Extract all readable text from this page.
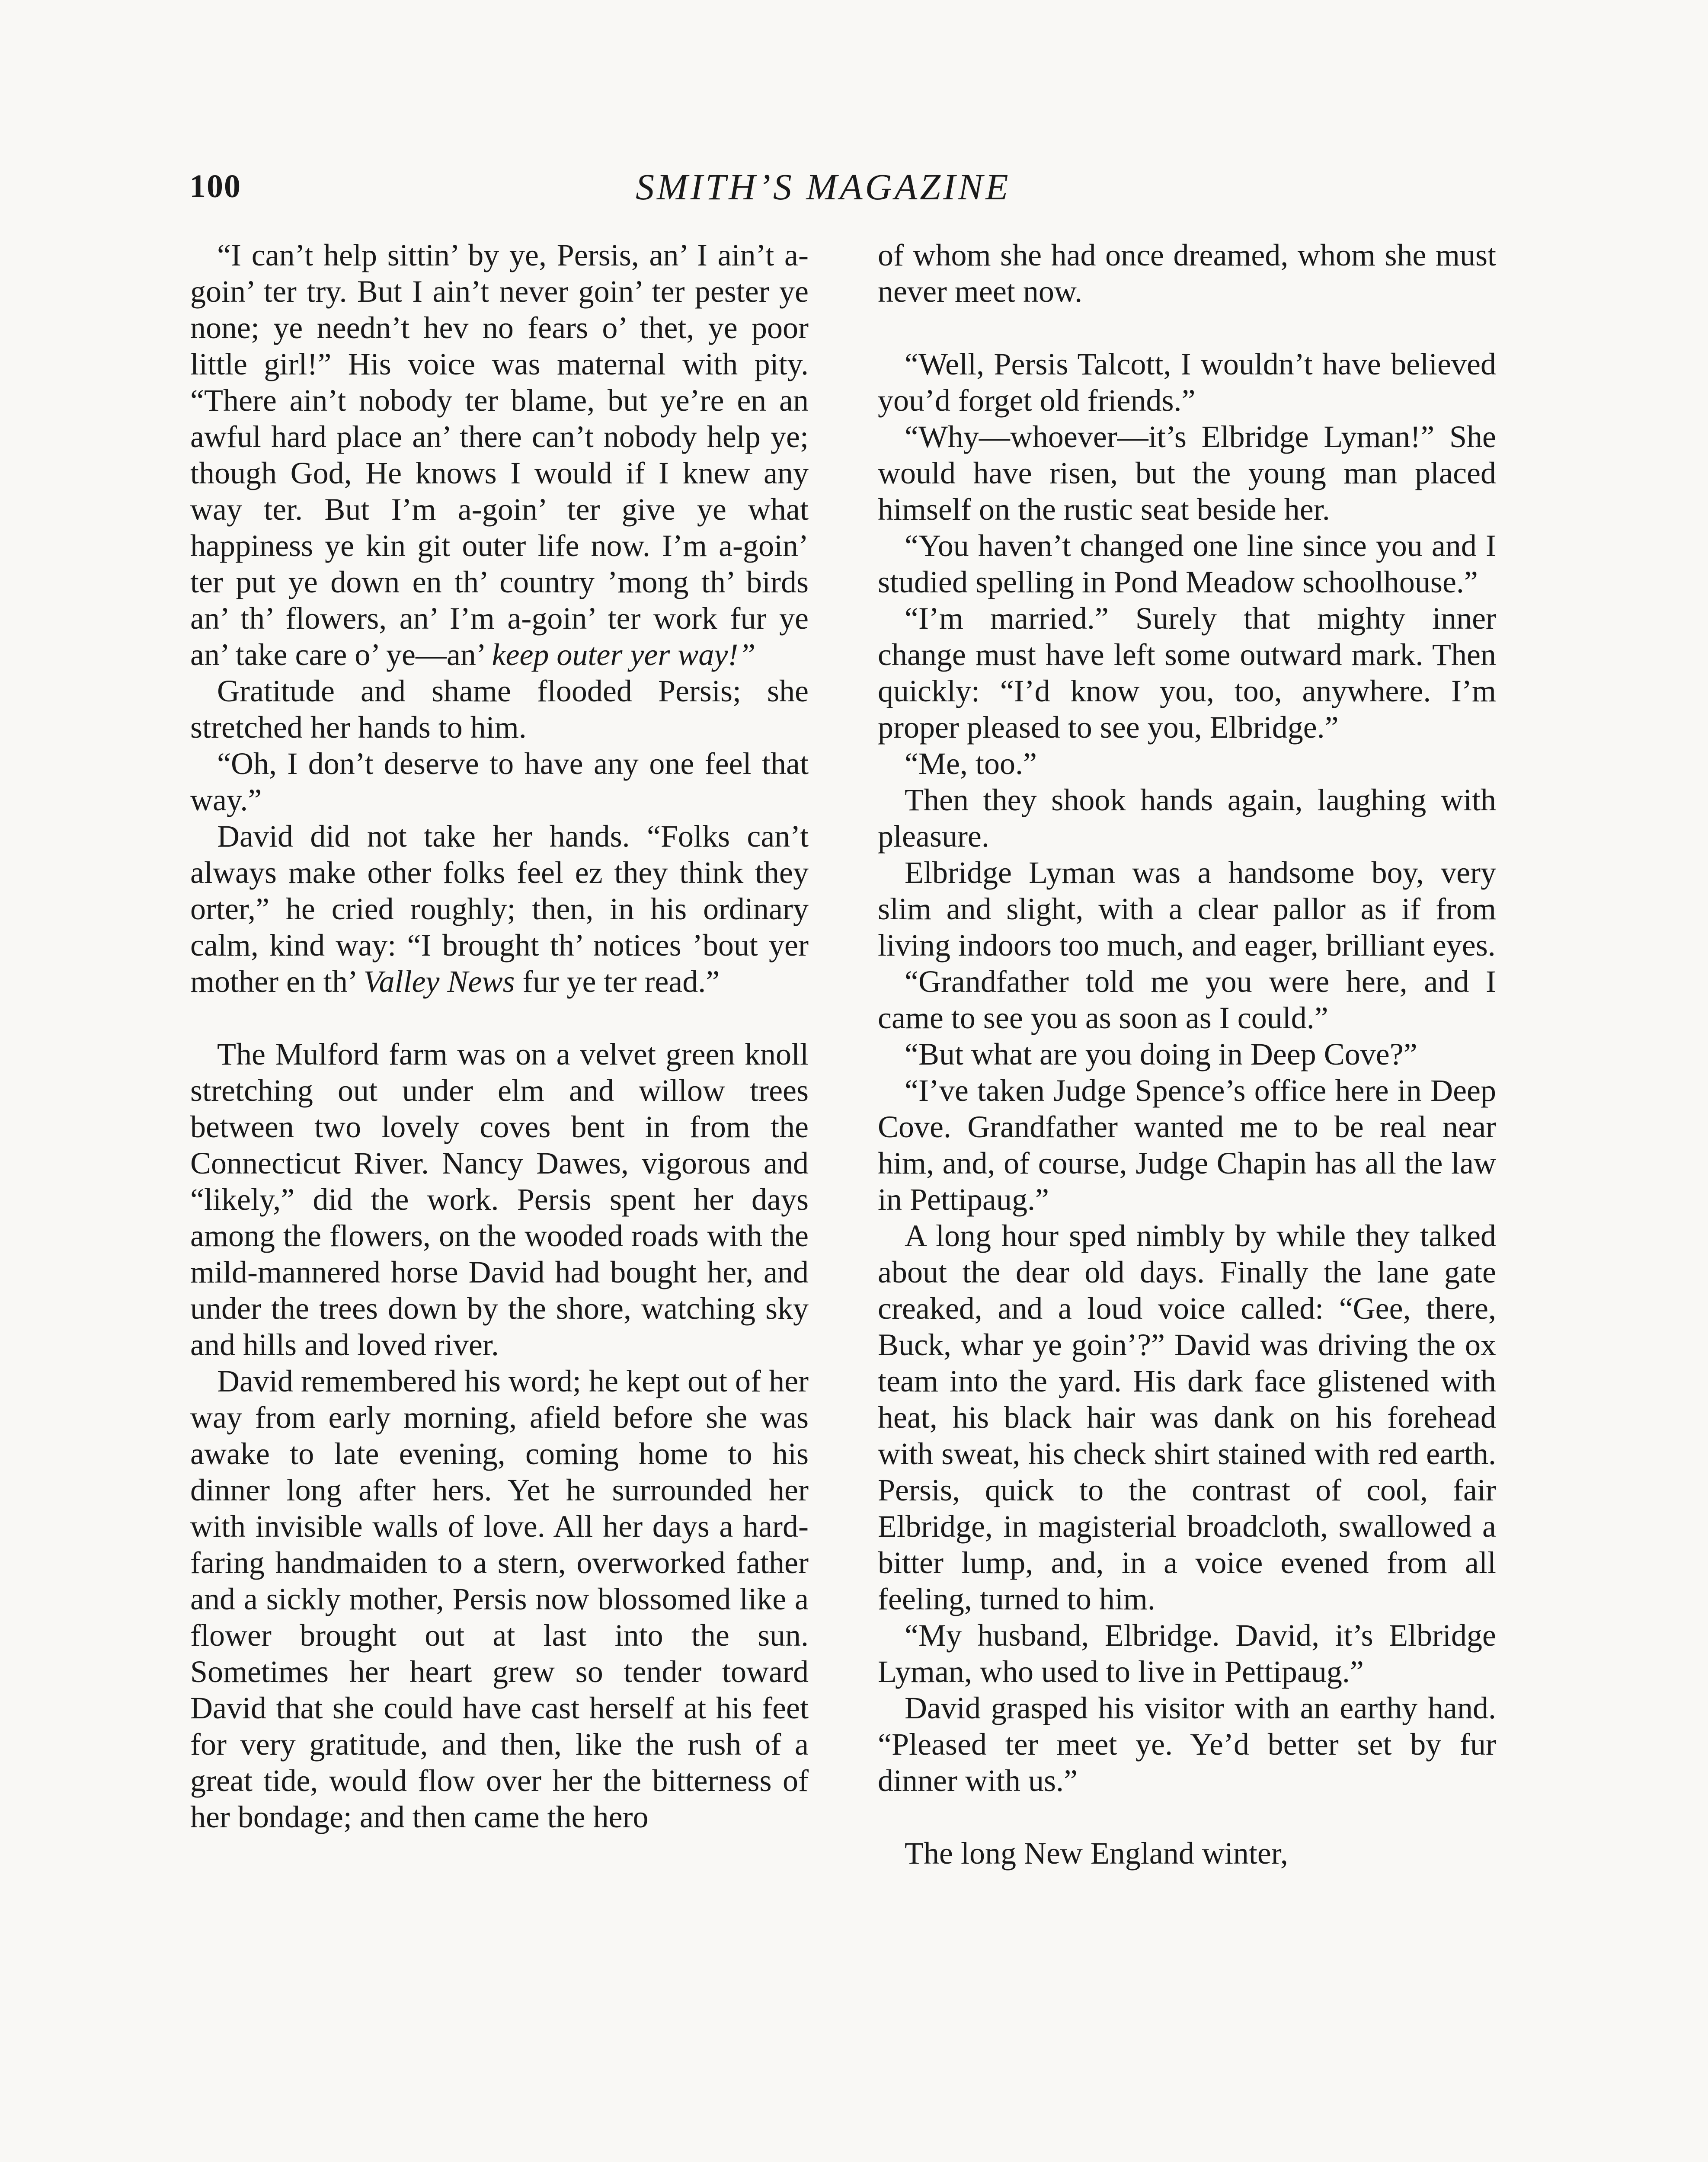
100	SMITH’S MAGAZINE

“I can’t help sittin’ by ye, Persis, an’ I ain’t a-goin’ ter try. But I ain’t never goin’ ter pester ye none; ye needn’t hev no fears o’ thet, ye poor little girl!” His voice was maternal with pity. “There ain’t nobody ter blame, but ye’re en an awful hard place an’ there can’t nobody help ye; though God, He knows I would if I knew any way ter. But I’m a-goin’ ter give ye what happiness ye kin git outer life now. I’m a-goin’ ter put ye down en th’ country ’mong th’ birds an’ th’ flowers, an’ I’m a-goin’ ter work fur ye an’ take care o’ ye—an’ keep outer yer way!”

Gratitude and shame flooded Persis; she stretched her hands to him.

“Oh, I don’t deserve to have any one feel that way.”

David did not take her hands. “Folks can’t always make other folks feel ez they think they orter,” he cried roughly; then, in his ordinary calm, kind way: “I brought th’ notices ’bout yer mother en th’ Valley News fur ye ter read.”

The Mulford farm was on a velvet green knoll stretching out under elm and willow trees between two lovely coves bent in from the Connecticut River. Nancy Dawes, vigorous and “likely,” did the work. Persis spent her days among the flowers, on the wooded roads with the mild-mannered horse David had bought her, and under the trees down by the shore, watching sky and hills and loved river.

David remembered his word; he kept out of her way from early morning, afield before she was awake to late evening, coming home to his dinner long after hers. Yet he surrounded her with invisible walls of love. All her days a hard-faring handmaiden to a stern, overworked father and a sickly mother, Persis now blossomed like a flower brought out at last into the sun. Sometimes her heart grew so tender toward David that she could have cast herself at his feet for very gratitude, and then, like the rush of a great tide, would flow over her the bitterness of her bondage; and then came the hero

of whom she had once dreamed, whom she must never meet now.

“Well, Persis Talcott, I wouldn’t have believed you’d forget old friends.”

“Why—whoever—it’s Elbridge Lyman!” She would have risen, but the young man placed himself on the rustic seat beside her.

“You haven’t changed one line since you and I studied spelling in Pond Meadow schoolhouse.”

“I’m married.” Surely that mighty inner change must have left some outward mark. Then quickly: “I’d know you, too, anywhere. I’m proper pleased to see you, Elbridge.”

“Me, too.”

Then they shook hands again, laughing with pleasure.

Elbridge Lyman was a handsome boy, very slim and slight, with a clear pallor as if from living indoors too much, and eager, brilliant eyes.

“Grandfather told me you were here, and I came to see you as soon as I could.”

“But what are you doing in Deep Cove?”

“I’ve taken Judge Spence’s office here in Deep Cove. Grandfather wanted me to be real near him, and, of course, Judge Chapin has all the law in Pettipaug.”

A long hour sped nimbly by while they talked about the dear old days. Finally the lane gate creaked, and a loud voice called: “Gee, there, Buck, whar ye goin’?” David was driving the ox team into the yard. His dark face glistened with heat, his black hair was dank on his forehead with sweat, his check shirt stained with red earth. Persis, quick to the contrast of cool, fair Elbridge, in magisterial broadcloth, swallowed a bitter lump, and, in a voice evened from all feeling, turned to him.

“My husband, Elbridge. David, it’s Elbridge Lyman, who used to live in Pettipaug.”

David grasped his visitor with an earthy hand. “Pleased ter meet ye. Ye’d better set by fur dinner with us.”

The long New England winter,
